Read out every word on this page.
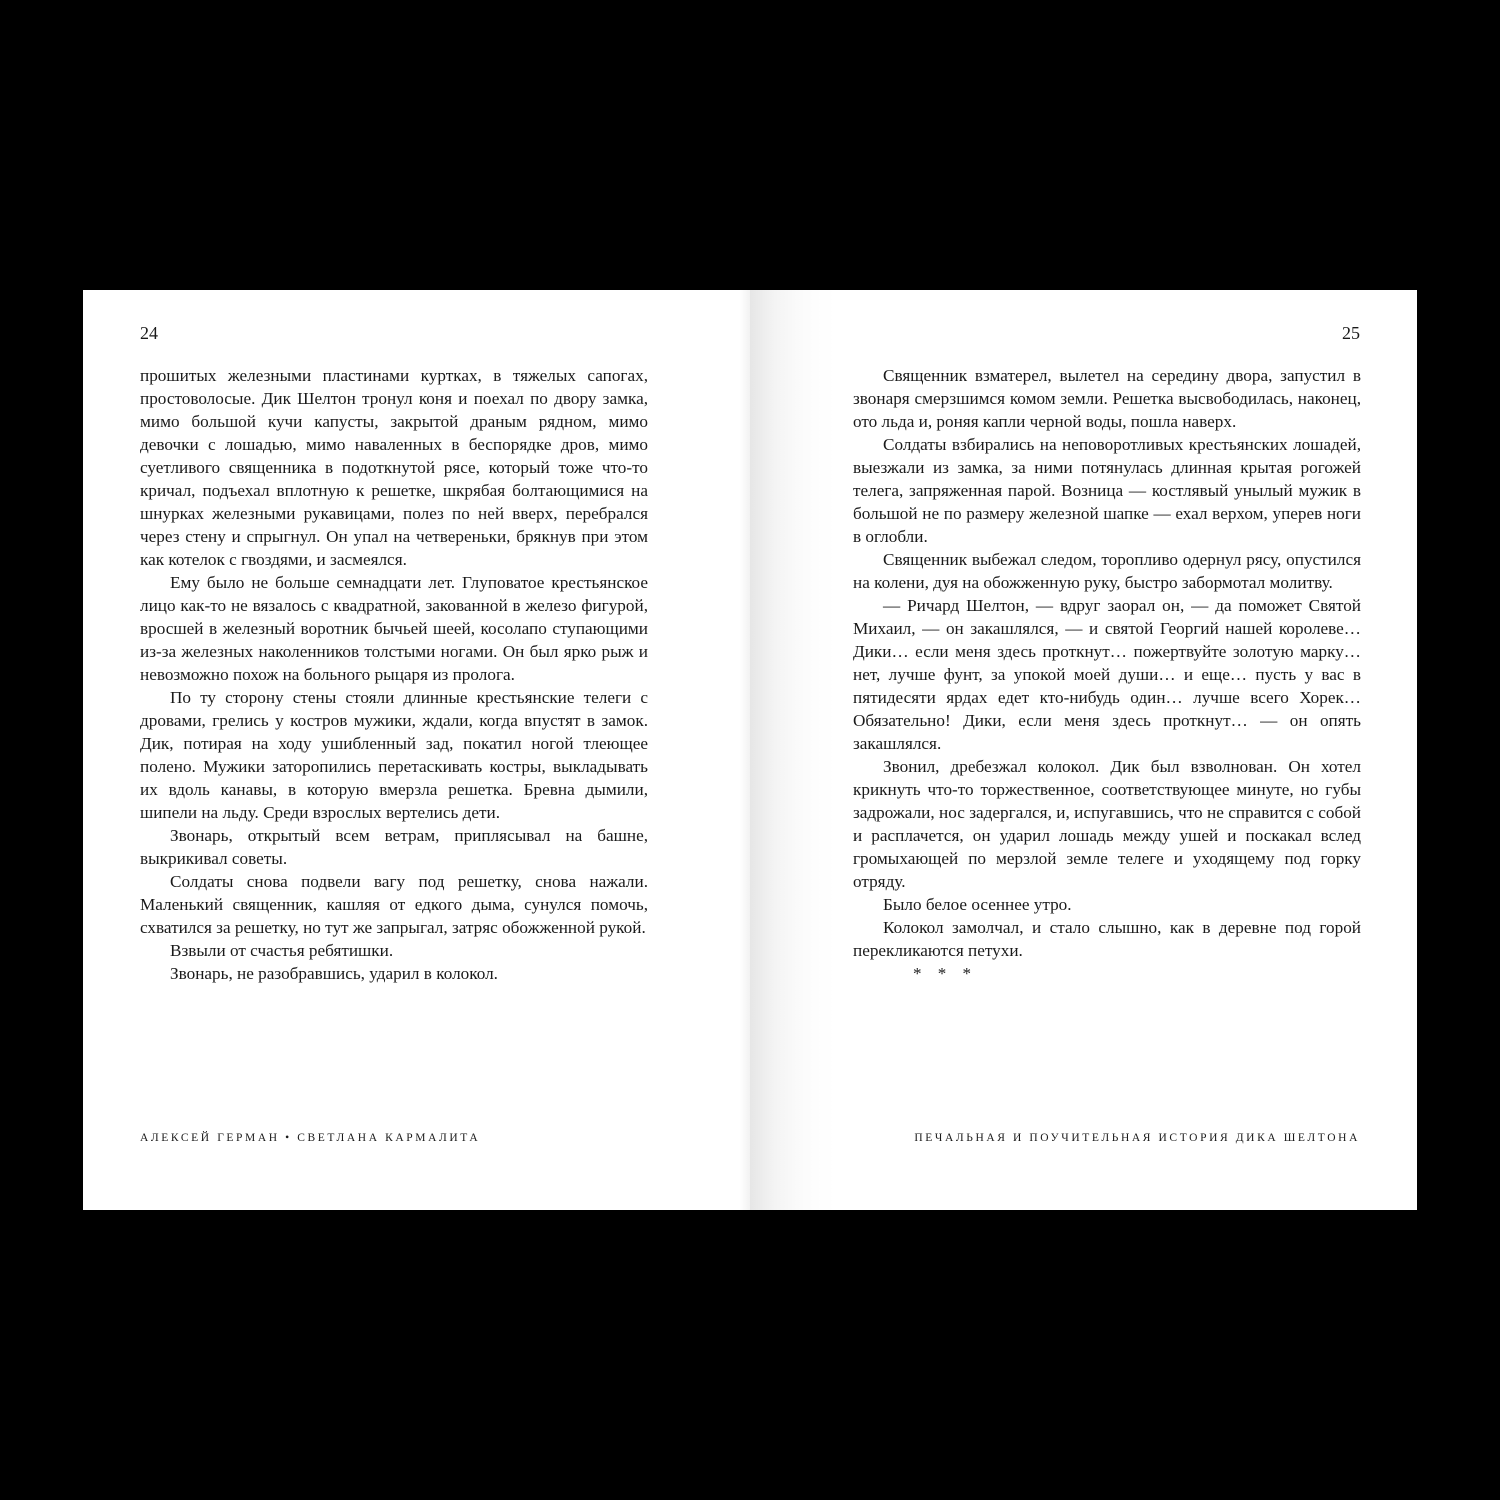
24

прошитых железными пластинами куртках, в тяжелых сапогах, простоволосые. Дик Шелтон тронул коня и поехал по двору замка, мимо большой кучи капусты, закрытой драным рядном, мимо девочки с лошадью, мимо наваленных в беспорядке дров, мимо суетливого священника в подоткнутой рясе, который тоже что-то кричал, подъехал вплотную к решетке, шкрябая болтающимися на шнурках железными рукавицами, полез по ней вверх, перебрался через стену и спрыгнул. Он упал на четвереньки, брякнув при этом как котелок с гвоздями, и засмеялся.

Ему было не больше семнадцати лет. Глуповатое крестьянское лицо как-то не вязалось с квадратной, закованной в железо фигурой, вросшей в железный воротник бычьей шеей, косолапо ступающими из-за железных наколенников толстыми ногами. Он был ярко рыж и невозможно похож на больного рыцаря из пролога.

По ту сторону стены стояли длинные крестьянские телеги с дровами, грелись у костров мужики, ждали, когда впустят в замок. Дик, потирая на ходу ушибленный зад, покатил ногой тлеющее полено. Мужики заторопились перетаскивать костры, выкладывать их вдоль канавы, в которую вмерзла решетка. Бревна дымили, шипели на льду. Среди взрослых вертелись дети.

Звонарь, открытый всем ветрам, приплясывал на башне, выкрикивал советы.

Солдаты снова подвели вагу под решетку, снова нажали. Маленький священник, кашляя от едкого дыма, сунулся помочь, схватился за решетку, но тут же запрыгал, затряс обожженной рукой.

Взвыли от счастья ребятишки.

Звонарь, не разобравшись, ударил в колокол.

АЛЕКСЕЙ ГЕРМАН • СВЕТЛАНА КАРМАЛИТА
25

Священник взматерел, вылетел на середину двора, запустил в звонаря смерзшимся комом земли. Решетка высвободилась, наконец, ото льда и, роняя капли черной воды, пошла наверх.

Солдаты взбирались на неповоротливых крестьянских лошадей, выезжали из замка, за ними потянулась длинная крытая рогожей телега, запряженная парой. Возница — костлявый унылый мужик в большой не по размеру железной шапке — ехал верхом, уперев ноги в оглобли.

Священник выбежал следом, торопливо одернул рясу, опустился на колени, дуя на обожженную руку, быстро забормотал молитву.

— Ричард Шелтон, — вдруг заорал он, — да поможет Святой Михаил, — он закашлялся, — и святой Георгий нашей королеве… Дики… если меня здесь проткнут… пожертвуйте золотую марку… нет, лучше фунт, за упокой моей души… и еще… пусть у вас в пятидесяти ярдах едет кто-нибудь один… лучше всего Хорек… Обязательно! Дики, если меня здесь проткнут… — он опять закашлялся.

Звонил, дребезжал колокол. Дик был взволнован. Он хотел крикнуть что-то торжественное, соответствующее минуте, но губы задрожали, нос задергался, и, испугавшись, что не справится с собой и расплачется, он ударил лошадь между ушей и поскакал вслед громыхающей по мерзлой земле телеге и уходящему под горку отряду.

Было белое осеннее утро.

Колокол замолчал, и стало слышно, как в деревне под горой перекликаются петухи.

* * *

ПЕЧАЛЬНАЯ И ПОУЧИТЕЛЬНАЯ ИСТОРИЯ ДИКА ШЕЛТОНА
